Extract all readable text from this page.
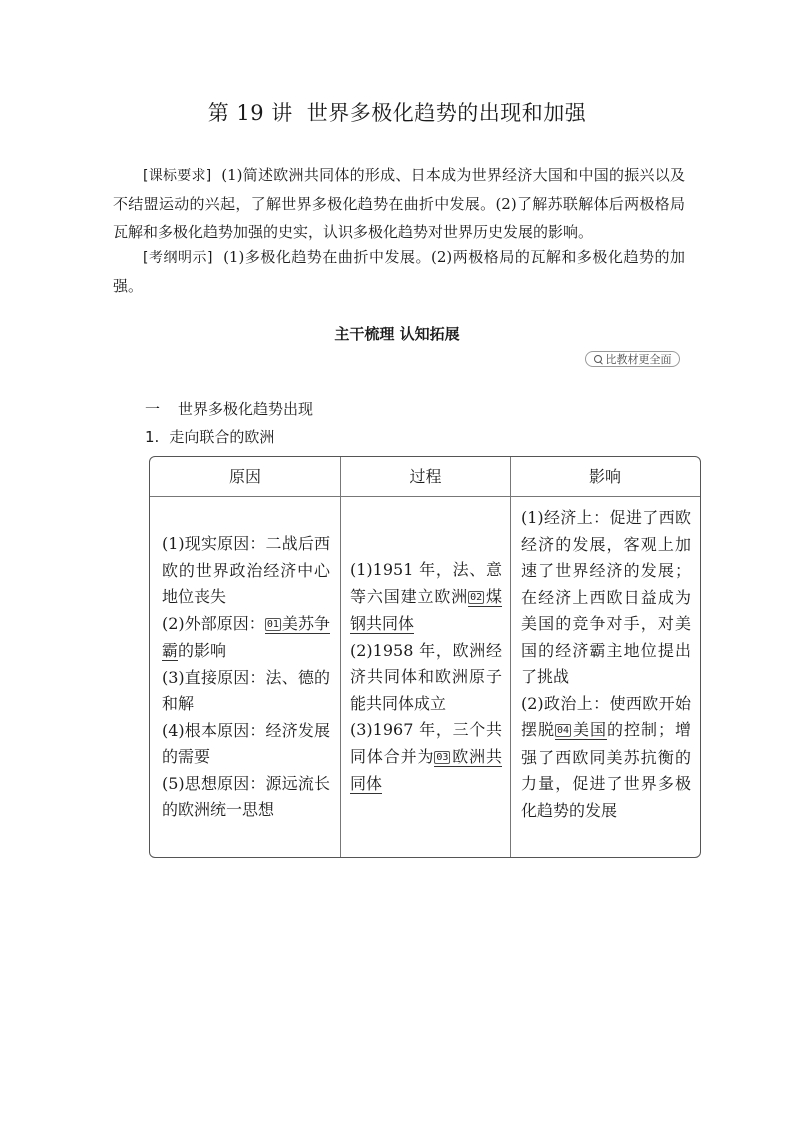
第 19 讲 世界多极化趋势的出现和加强
[课标要求] (1)简述欧洲共同体的形成、日本成为世界经济大国和中国的振兴以及不结盟运动的兴起，了解世界多极化趋势在曲折中发展。(2)了解苏联解体后两极格局瓦解和多极化趋势加强的史实，认识多极化趋势对世界历史发展的影响。
[考纲明示] (1)多极化趋势在曲折中发展。(2)两极格局的瓦解和多极化趋势的加强。
主干梳理 认知拓展
比教材更全面
一 世界多极化趋势出现
1. 走向联合的欧洲
原因	过程	影响
(1)现实原因：二战后西欧的世界政治经济中心地位丧失
(2)外部原因： 01 美苏争霸的影响
(3)直接原因：法、德的和解
(4)根本原因：经济发展的需要
(5)思想原因：源远流长的欧洲统一思想
(1)1951 年，法、意等六国建立欧洲 02 煤钢共同体
(2)1958 年，欧洲经济共同体和欧洲原子能共同体成立
(3)1967 年，三个共同体合并为 03 欧洲共同体
(1)经济上：促进了西欧经济的发展，客观上加速了世界经济的发展；在经济上西欧日益成为美国的竞争对手，对美国的经济霸主地位提出了挑战
(2)政治上：使西欧开始摆脱 04 美国的控制；增强了西欧同美苏抗衡的力量，促进了世界多极化趋势的发展
